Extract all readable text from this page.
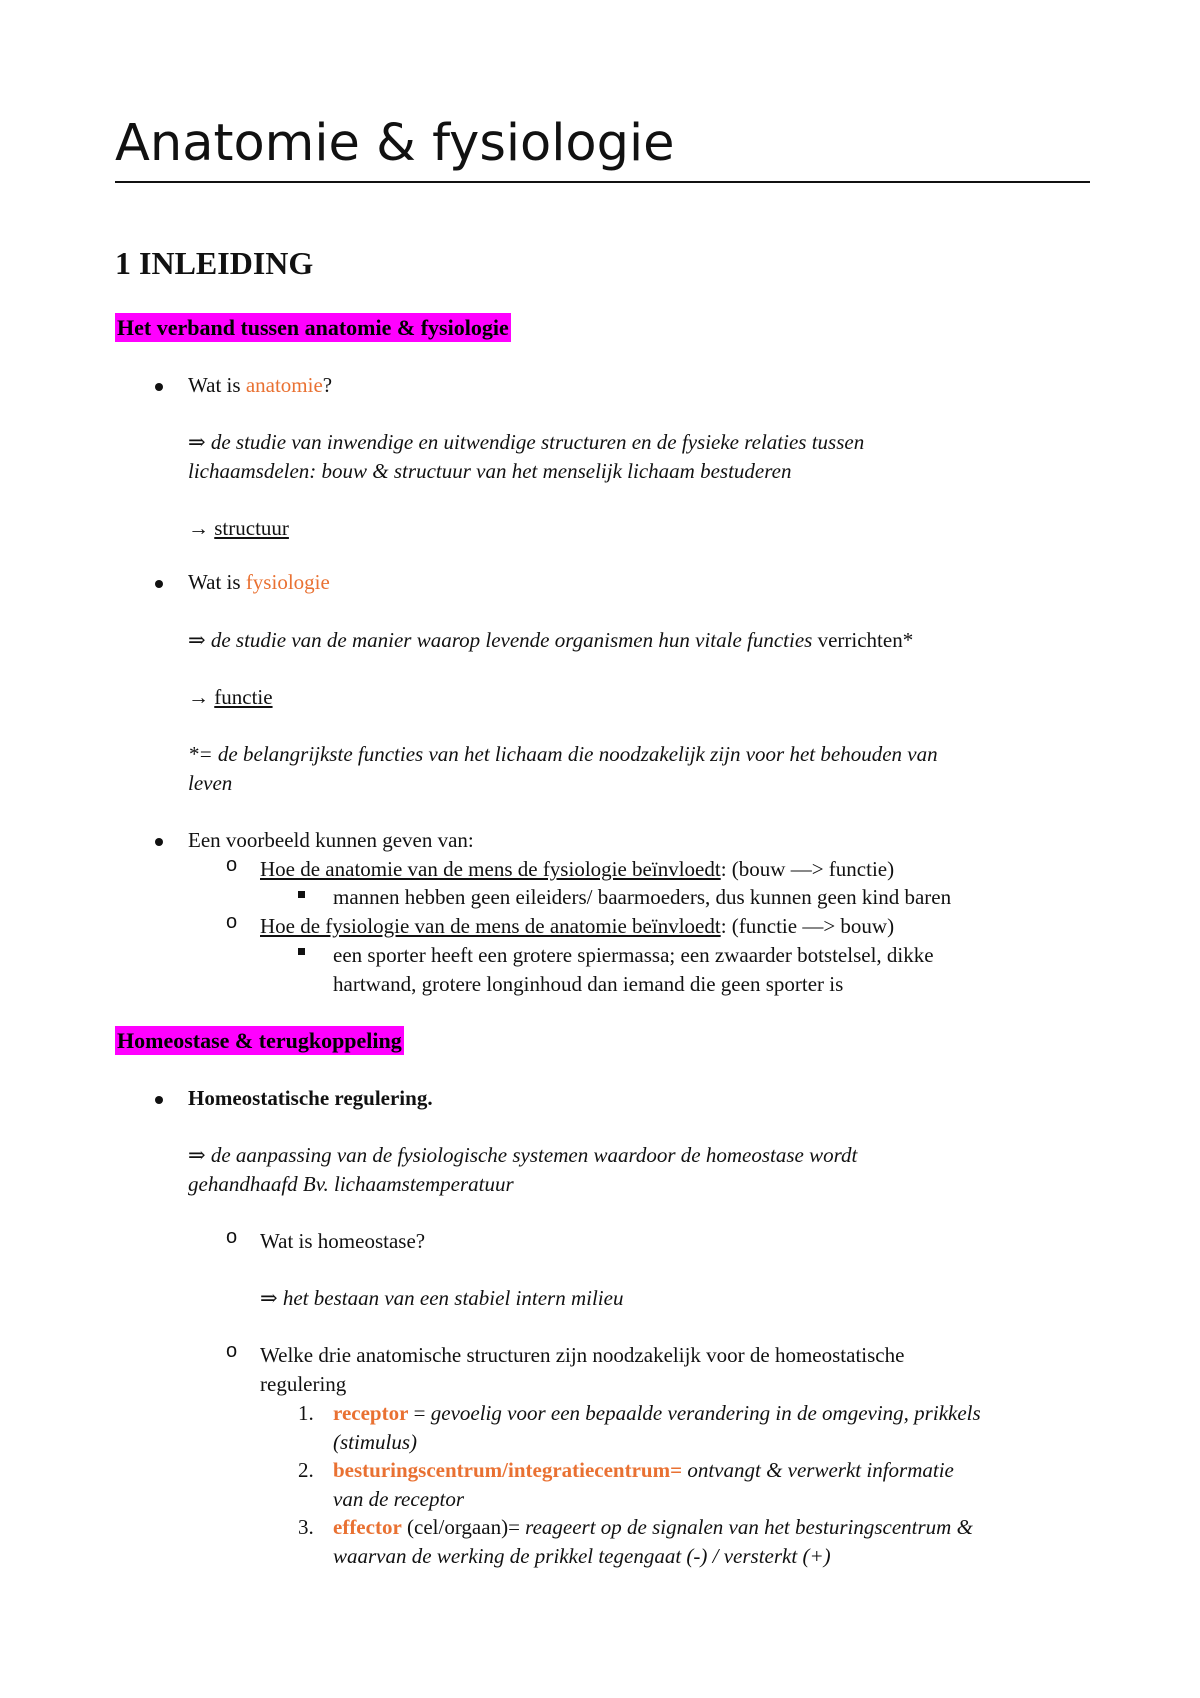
Anatomie & fysiologie
1 INLEIDING
Het verband tussen anatomie & fysiologie
Wat is anatomie?
⇒ de studie van inwendige en uitwendige structuren en de fysieke relaties tussen
lichaamsdelen: bouw & structuur van het menselijk lichaam bestuderen
→ structuur
Wat is fysiologie
⇒ de studie van de manier waarop levende organismen hun vitale functies verrichten*
→ functie
*= de belangrijkste functies van het lichaam die noodzakelijk zijn voor het behouden van
leven
Een voorbeeld kunnen geven van:
o Hoe de anatomie van de mens de fysiologie beïnvloedt: (bouw —> functie)
mannen hebben geen eileiders/ baarmoeders, dus kunnen geen kind baren
o Hoe de fysiologie van de mens de anatomie beïnvloedt: (functie —> bouw)
een sporter heeft een grotere spiermassa; een zwaarder botstelsel, dikke
hartwand, grotere longinhoud dan iemand die geen sporter is
Homeostase & terugkoppeling
Homeostatische regulering.
⇒ de aanpassing van de fysiologische systemen waardoor de homeostase wordt
gehandhaafd Bv. lichaamstemperatuur
o Wat is homeostase?
⇒ het bestaan van een stabiel intern milieu
o Welke drie anatomische structuren zijn noodzakelijk voor de homeostatische
regulering
1. receptor = gevoelig voor een bepaalde verandering in de omgeving, prikkels
(stimulus)
2. besturingscentrum/integratiecentrum= ontvangt & verwerkt informatie
van de receptor
3. effector (cel/orgaan)= reageert op de signalen van het besturingscentrum &
waarvan de werking de prikkel tegengaat (-) / versterkt (+)
